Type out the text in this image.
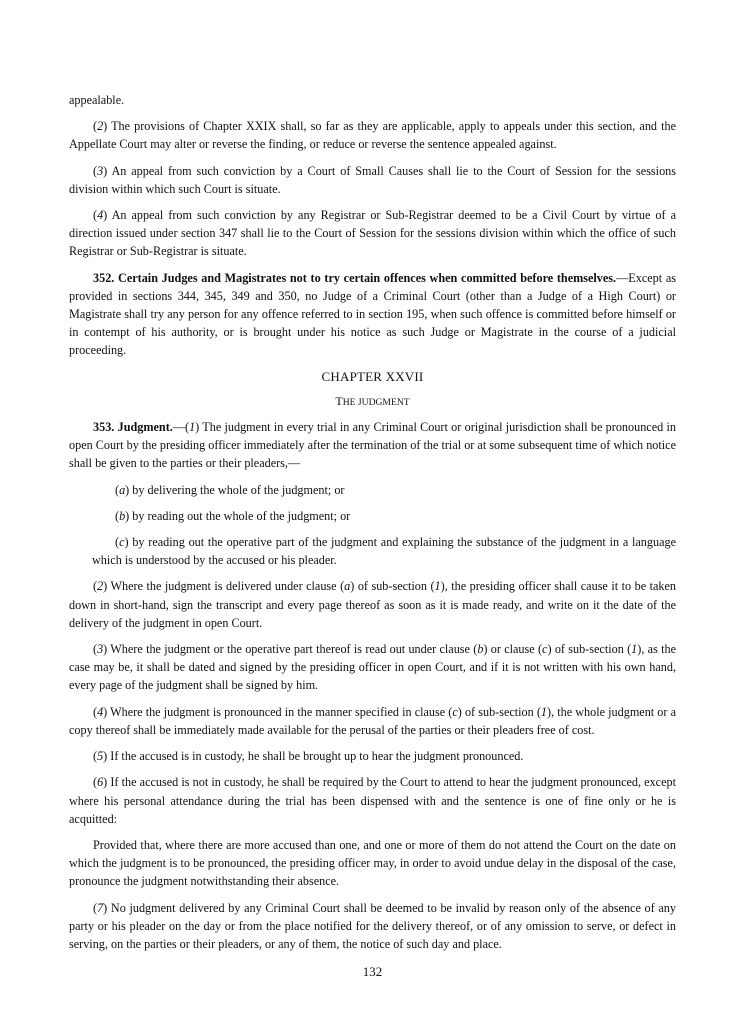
appealable.

(2) The provisions of Chapter XXIX shall, so far as they are applicable, apply to appeals under this section, and the Appellate Court may alter or reverse the finding, or reduce or reverse the sentence appealed against.

(3) An appeal from such conviction by a Court of Small Causes shall lie to the Court of Session for the sessions division within which such Court is situate.

(4) An appeal from such conviction by any Registrar or Sub-Registrar deemed to be a Civil Court by virtue of a direction issued under section 347 shall lie to the Court of Session for the sessions division within which the office of such Registrar or Sub-Registrar is situate.

352. Certain Judges and Magistrates not to try certain offences when committed before themselves.—Except as provided in sections 344, 345, 349 and 350, no Judge of a Criminal Court (other than a Judge of a High Court) or Magistrate shall try any person for any offence referred to in section 195, when such offence is committed before himself or in contempt of his authority, or is brought under his notice as such Judge or Magistrate in the course of a judicial proceeding.

CHAPTER XXVII
THE JUDGMENT

353. Judgment.—(1) The judgment in every trial in any Criminal Court or original jurisdiction shall be pronounced in open Court by the presiding officer immediately after the termination of the trial or at some subsequent time of which notice shall be given to the parties or their pleaders,—

(a) by delivering the whole of the judgment; or

(b) by reading out the whole of the judgment; or

(c) by reading out the operative part of the judgment and explaining the substance of the judgment in a language which is understood by the accused or his pleader.

(2) Where the judgment is delivered under clause (a) of sub-section (1), the presiding officer shall cause it to be taken down in short-hand, sign the transcript and every page thereof as soon as it is made ready, and write on it the date of the delivery of the judgment in open Court.

(3) Where the judgment or the operative part thereof is read out under clause (b) or clause (c) of sub-section (1), as the case may be, it shall be dated and signed by the presiding officer in open Court, and if it is not written with his own hand, every page of the judgment shall be signed by him.

(4) Where the judgment is pronounced in the manner specified in clause (c) of sub-section (1), the whole judgment or a copy thereof shall be immediately made available for the perusal of the parties or their pleaders free of cost.

(5) If the accused is in custody, he shall be brought up to hear the judgment pronounced.

(6) If the accused is not in custody, he shall be required by the Court to attend to hear the judgment pronounced, except where his personal attendance during the trial has been dispensed with and the sentence is one of fine only or he is acquitted:

Provided that, where there are more accused than one, and one or more of them do not attend the Court on the date on which the judgment is to be pronounced, the presiding officer may, in order to avoid undue delay in the disposal of the case, pronounce the judgment notwithstanding their absence.

(7) No judgment delivered by any Criminal Court shall be deemed to be invalid by reason only of the absence of any party or his pleader on the day or from the place notified for the delivery thereof, or of any omission to serve, or defect in serving, on the parties or their pleaders, or any of them, the notice of such day and place.

132
